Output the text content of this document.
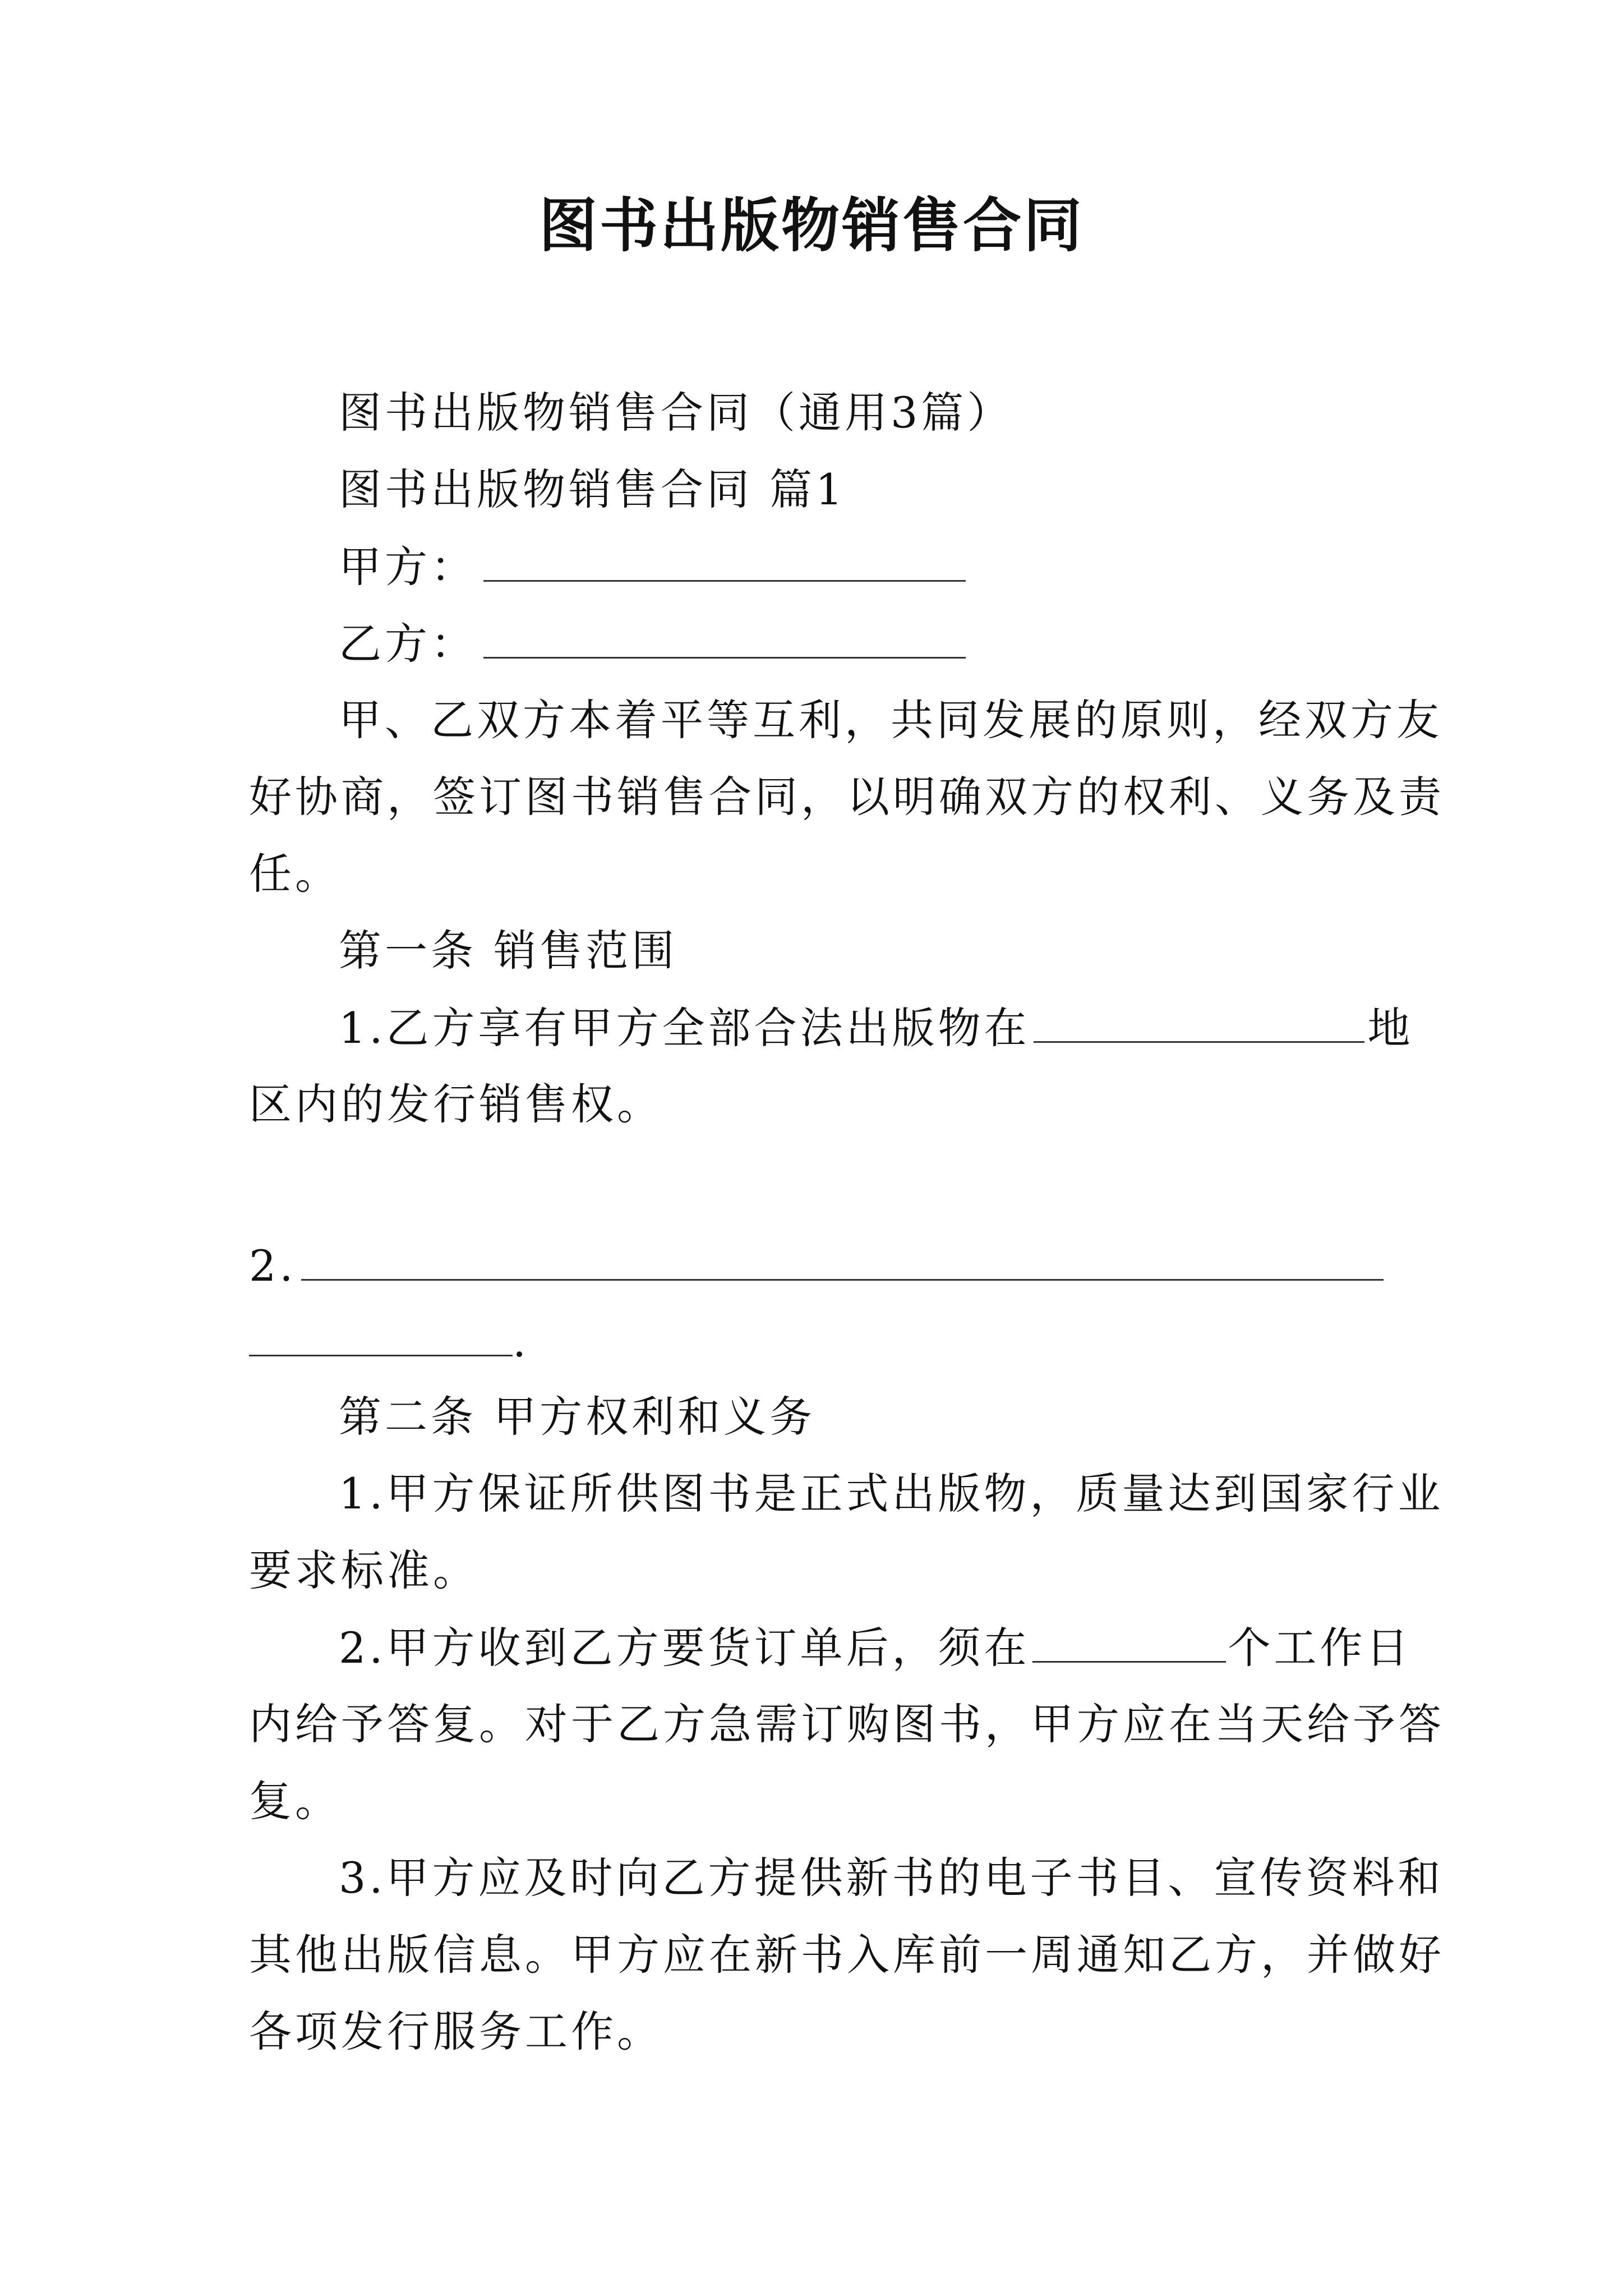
图书出版物销售合同
图书出版物销售合同（通用3篇）
图书出版物销售合同 篇1
甲方：
乙方：
甲、乙双方本着平等互利，共同发展的原则，经双方友
好协商，签订图书销售合同，以明确双方的权利、义务及责
任。
第一条 销售范围
1.乙方享有甲方全部合法出版物在	地
区内的发行销售权。
2.
.
第二条 甲方权利和义务
1.甲方保证所供图书是正式出版物，质量达到国家行业
要求标准。
2.甲方收到乙方要货订单后，须在	个工作日
内给予答复。对于乙方急需订购图书，甲方应在当天给予答
复。
3.甲方应及时向乙方提供新书的电子书目、宣传资料和
其他出版信息。甲方应在新书入库前一周通知乙方，并做好
各项发行服务工作。
